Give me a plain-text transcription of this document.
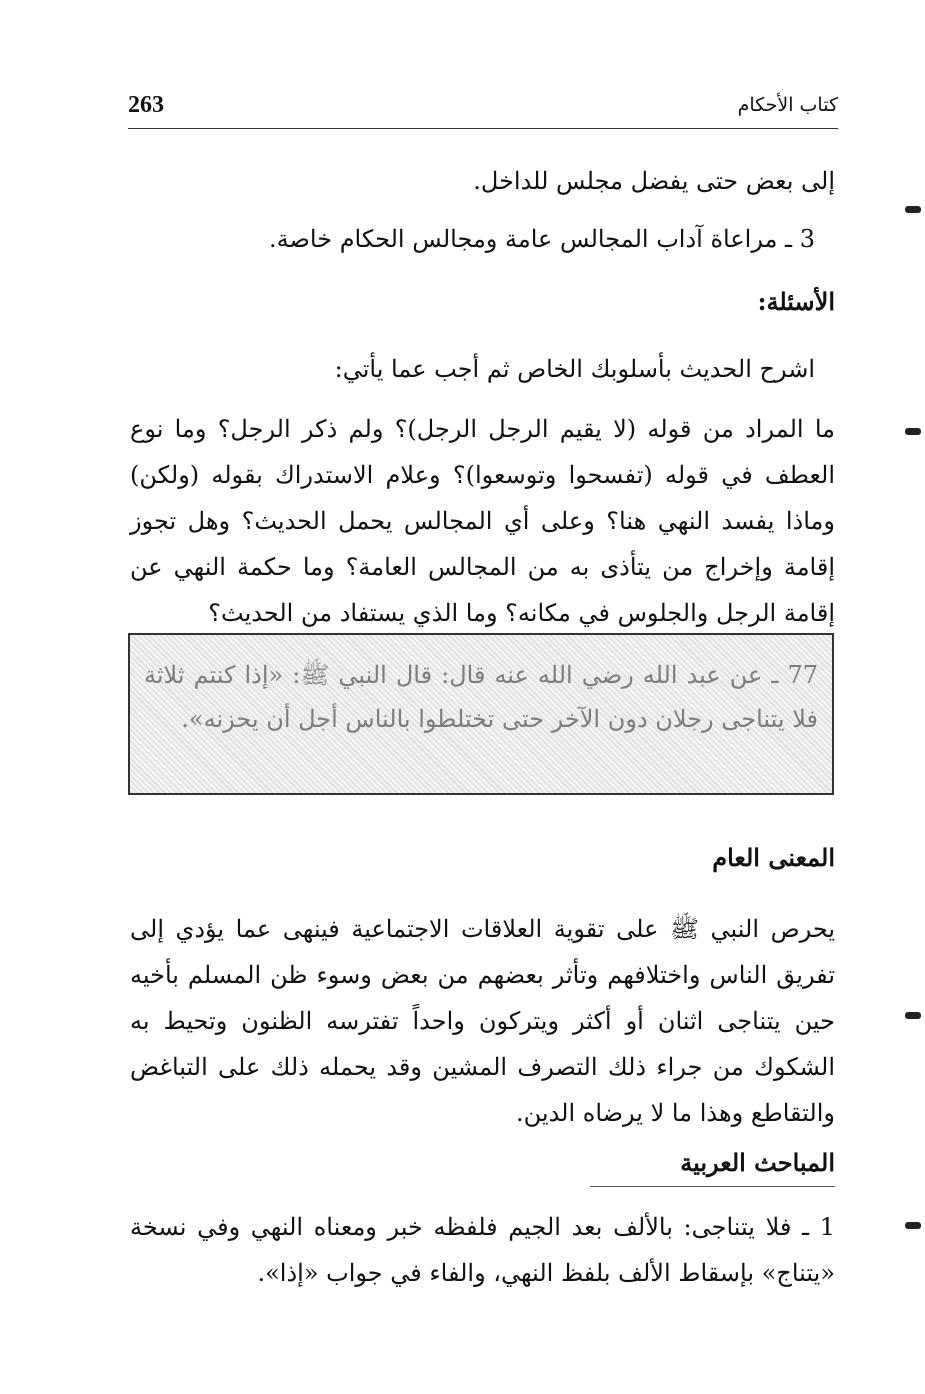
263	كتاب الأحكام
إلى بعض حتى يفضل مجلس للداخل.
3 ـ مراعاة آداب المجالس عامة ومجالس الحكام خاصة.
الأسئلة:
اشرح الحديث بأسلوبك الخاص ثم أجب عما يأتي:
ما المراد من قوله (لا يقيم الرجل الرجل)؟ ولم ذكر الرجل؟ وما نوع العطف في قوله (تفسحوا وتوسعوا)؟ وعلام الاستدراك بقوله (ولكن) وماذا يفسد النهي هنا؟ وعلى أي المجالس يحمل الحديث؟ وهل تجوز إقامة وإخراج من يتأذى به من المجالس العامة؟ وما حكمة النهي عن إقامة الرجل والجلوس في مكانه؟ وما الذي يستفاد من الحديث؟
77 ـ عن عبد الله رضي الله عنه قال: قال النبي ﷺ: «إذا كنتم ثلاثة فلا يتناجى رجلان دون الآخر حتى تختلطوا بالناس أجل أن يحزنه».
المعنى العام
يحرص النبي ﷺ على تقوية العلاقات الاجتماعية فينهى عما يؤدي إلى تفريق الناس واختلافهم وتأثر بعضهم من بعض وسوء ظن المسلم بأخيه حين يتناجى اثنان أو أكثر ويتركون واحداً تفترسه الظنون وتحيط به الشكوك من جراء ذلك التصرف المشين وقد يحمله ذلك على التباغض والتقاطع وهذا ما لا يرضاه الدين.
المباحث العربية
1 ـ فلا يتناجى: بالألف بعد الجيم فلفظه خبر ومعناه النهي وفي نسخة «يتناج» بإسقاط الألف بلفظ النهي، والفاء في جواب «إذا».
